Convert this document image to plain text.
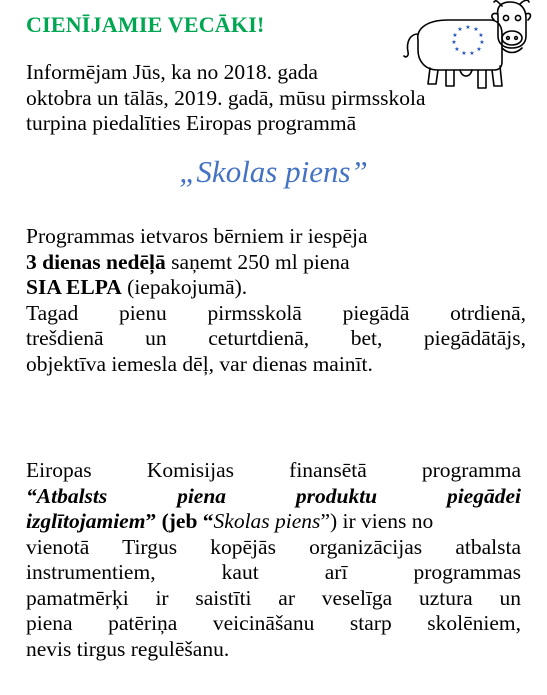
CIENĪJAMIE VECĀKI!	★ ★
★
★
★
★
★
★
★
★
★
Informējam Jūs, ka no 2018. gada
oktobra un tālās, 2019. gadā, mūsu pirmsskola
turpina piedalīties Eiropas programmā
„Skolas piens”
Programmas ietvaros bērniem ir iespēja
3 dienas nedēļā saņemt 250 ml piena
SIA ELPA (iepakojumā).
Tagad pienu pirmsskolā piegādā otrdienā,
trešdienā un ceturtdienā, bet, piegādātājs,
objektīva iemesla dēļ, var dienas mainīt.
Eiropas Komisijas finansētā programma
“Atbalsts piena produktu piegādei
izglītojamiem” (jeb “Skolas piens”) ir viens no
vienotā Tirgus kopējās organizācijas atbalsta
instrumentiem, kaut arī programmas
pamatmērķi ir saistīti ar veselīga uztura un
piena patēriņa veicināšanu starp skolēniem,
nevis tirgus regulēšanu.
